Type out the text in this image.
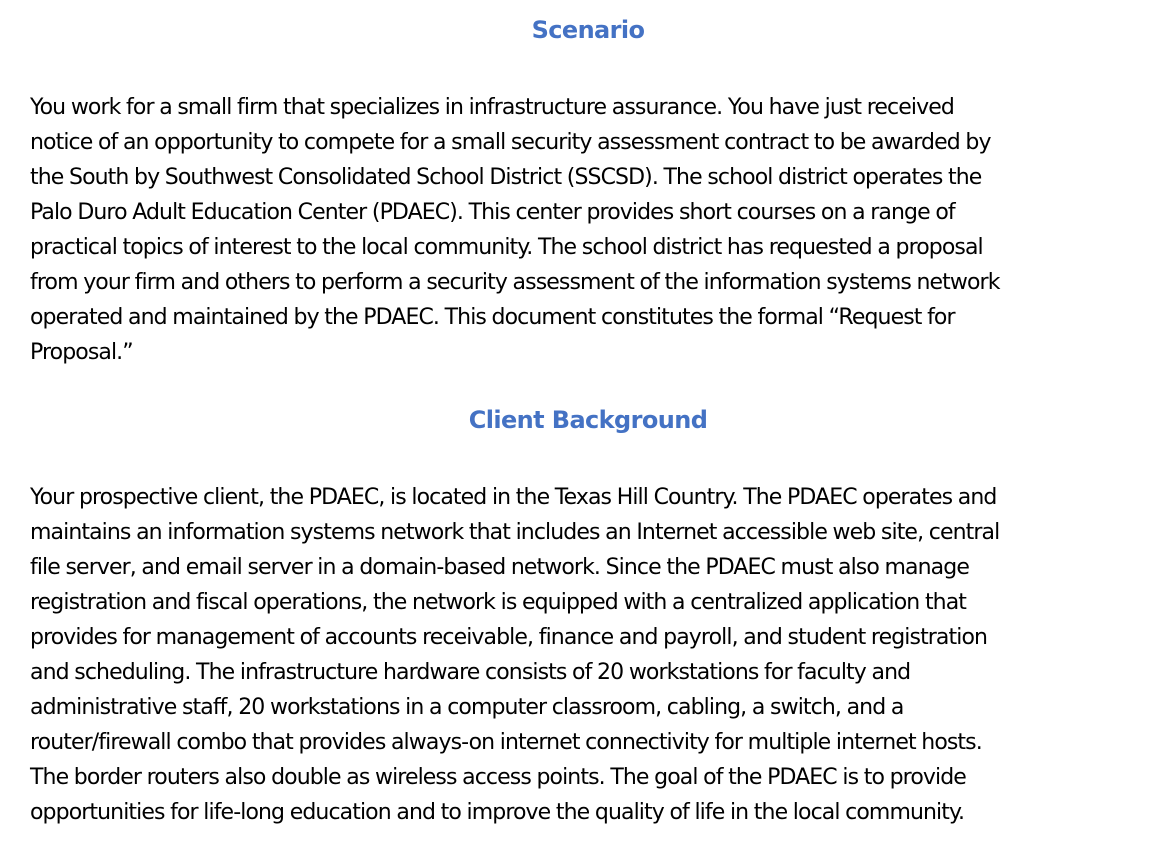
Scenario
You work for a small firm that specializes in infrastructure assurance. You have just received
notice of an opportunity to compete for a small security assessment contract to be awarded by
the South by Southwest Consolidated School District (SSCSD). The school district operates the
Palo Duro Adult Education Center (PDAEC). This center provides short courses on a range of
practical topics of interest to the local community. The school district has requested a proposal
from your firm and others to perform a security assessment of the information systems network
operated and maintained by the PDAEC. This document constitutes the formal “Request for
Proposal.”
Client Background
Your prospective client, the PDAEC, is located in the Texas Hill Country. The PDAEC operates and
maintains an information systems network that includes an Internet accessible web site, central
file server, and email server in a domain-based network. Since the PDAEC must also manage
registration and fiscal operations, the network is equipped with a centralized application that
provides for management of accounts receivable, finance and payroll, and student registration
and scheduling. The infrastructure hardware consists of 20 workstations for faculty and
administrative staff, 20 workstations in a computer classroom, cabling, a switch, and a
router/firewall combo that provides always-on internet connectivity for multiple internet hosts.
The border routers also double as wireless access points. The goal of the PDAEC is to provide
opportunities for life-long education and to improve the quality of life in the local community.
